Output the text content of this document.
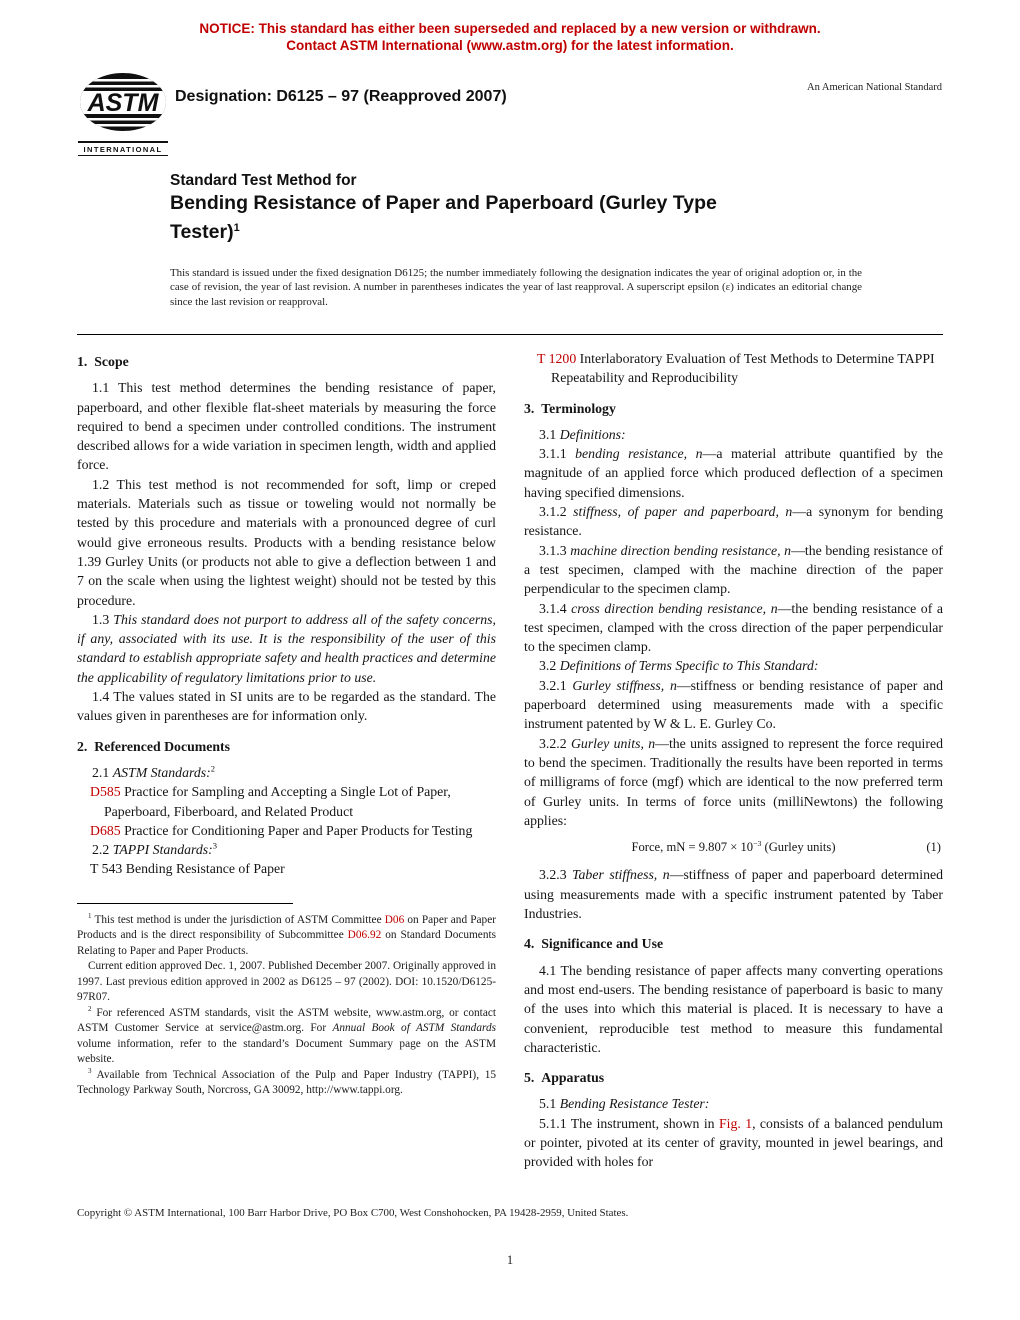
NOTICE: This standard has either been superseded and replaced by a new version or withdrawn.
Contact ASTM International (www.astm.org) for the latest information.
ASTM
INTERNATIONAL
Designation: D6125 – 97 (Reapproved 2007)
An American National Standard
Standard Test Method for
Bending Resistance of Paper and Paperboard (Gurley Type Tester)$^1$
This standard is issued under the fixed designation D6125; the number immediately following the designation indicates the year of original adoption or, in the case of revision, the year of last revision. A number in parentheses indicates the year of last reapproval. A superscript epsilon (ε) indicates an editorial change since the last revision or reapproval.
1.  Scope
1.1 This test method determines the bending resistance of paper, paperboard, and other flexible flat-sheet materials by measuring the force required to bend a specimen under controlled conditions. The instrument described allows for a wide variation in specimen length, width and applied force.
1.2 This test method is not recommended for soft, limp or creped materials. Materials such as tissue or toweling would not normally be tested by this procedure and materials with a pronounced degree of curl would give erroneous results. Products with a bending resistance below 1.39 Gurley Units (or products not able to give a deflection between 1 and 7 on the scale when using the lightest weight) should not be tested by this procedure.
1.3 This standard does not purport to address all of the safety concerns, if any, associated with its use. It is the responsibility of the user of this standard to establish appropriate safety and health practices and determine the applicability of regulatory limitations prior to use.
1.4 The values stated in SI units are to be regarded as the standard. The values given in parentheses are for information only.
2.  Referenced Documents
2.1 ASTM Standards:$^2$
D585 Practice for Sampling and Accepting a Single Lot of Paper, Paperboard, Fiberboard, and Related Product
D685 Practice for Conditioning Paper and Paper Products for Testing
2.2 TAPPI Standards:$^3$
T 543 Bending Resistance of Paper
$^1$ This test method is under the jurisdiction of ASTM Committee D06 on Paper and Paper Products and is the direct responsibility of Subcommittee D06.92 on Standard Documents Relating to Paper and Paper Products.
Current edition approved Dec. 1, 2007. Published December 2007. Originally approved in 1997. Last previous edition approved in 2002 as D6125 – 97 (2002). DOI: 10.1520/D6125-97R07.
$^2$ For referenced ASTM standards, visit the ASTM website, www.astm.org, or contact ASTM Customer Service at service@astm.org. For Annual Book of ASTM Standards volume information, refer to the standard’s Document Summary page on the ASTM website.
$^3$ Available from Technical Association of the Pulp and Paper Industry (TAPPI), 15 Technology Parkway South, Norcross, GA 30092, http://www.tappi.org.
T 1200 Interlaboratory Evaluation of Test Methods to Determine TAPPI Repeatability and Reproducibility
3.  Terminology
3.1 Definitions:
3.1.1 bending resistance, n—a material attribute quantified by the magnitude of an applied force which produced deflection of a specimen having specified dimensions.
3.1.2 stiffness, of paper and paperboard, n—a synonym for bending resistance.
3.1.3 machine direction bending resistance, n—the bending resistance of a test specimen, clamped with the machine direction of the paper perpendicular to the specimen clamp.
3.1.4 cross direction bending resistance, n—the bending resistance of a test specimen, clamped with the cross direction of the paper perpendicular to the specimen clamp.
3.2 Definitions of Terms Specific to This Standard:
3.2.1 Gurley stiffness, n—stiffness or bending resistance of paper and paperboard determined using measurements made with a specific instrument patented by W & L. E. Gurley Co.
3.2.2 Gurley units, n—the units assigned to represent the force required to bend the specimen. Traditionally the results have been reported in terms of milligrams of force (mgf) which are identical to the now preferred term of Gurley units. In terms of force units (milliNewtons) the following applies:
Force, mN = $9.807 \times 10^{-3}$ (Gurley units)	(1)
3.2.3 Taber stiffness, n—stiffness of paper and paperboard determined using measurements made with a specific instrument patented by Taber Industries.
4.  Significance and Use
4.1 The bending resistance of paper affects many converting operations and most end-users. The bending resistance of paperboard is basic to many of the uses into which this material is placed. It is necessary to have a convenient, reproducible test method to measure this fundamental characteristic.
5.  Apparatus
5.1 Bending Resistance Tester:
5.1.1 The instrument, shown in Fig. 1, consists of a balanced pendulum or pointer, pivoted at its center of gravity, mounted in jewel bearings, and provided with holes for
Copyright © ASTM International, 100 Barr Harbor Drive, PO Box C700, West Conshohocken, PA 19428-2959, United States.
1
